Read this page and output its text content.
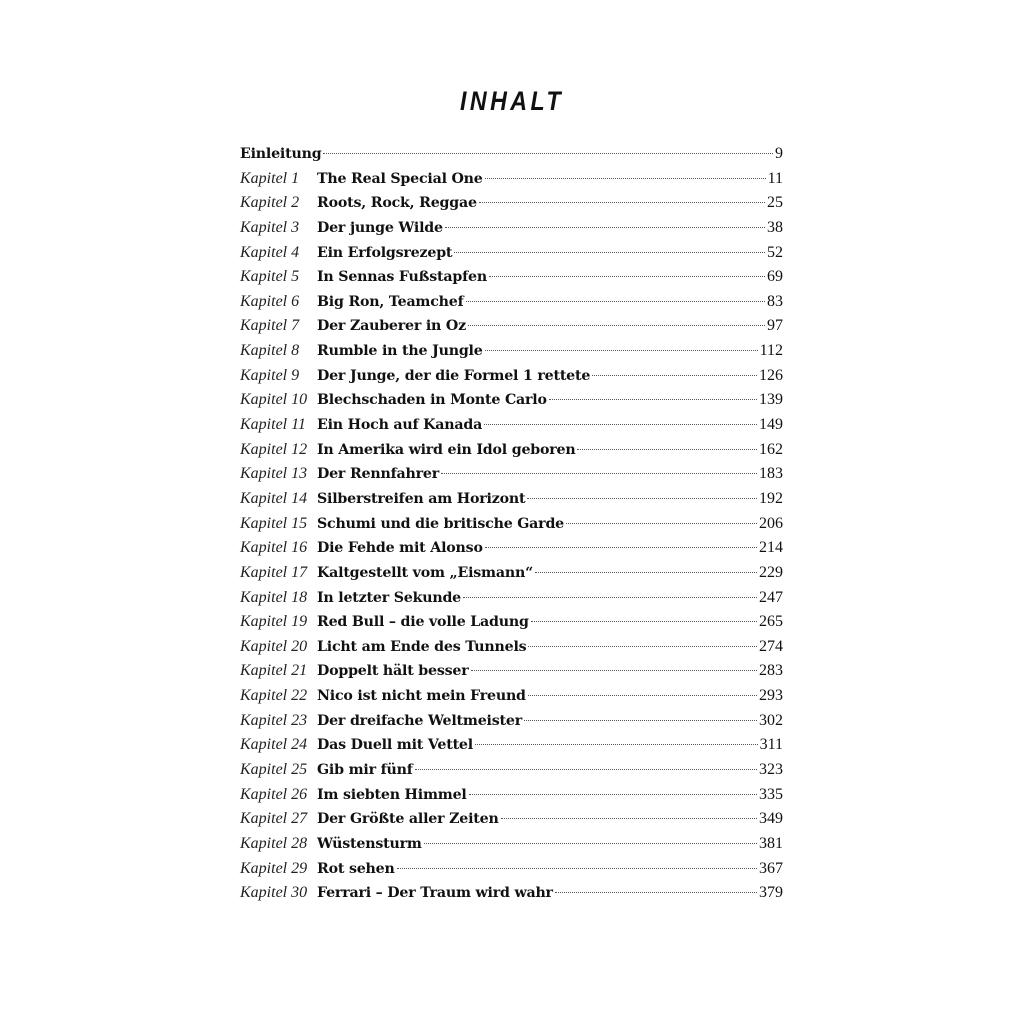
INHALT
Einleitung	9
Kapitel 1	The Real Special One	11
Kapitel 2	Roots, Rock, Reggae	25
Kapitel 3	Der junge Wilde	38
Kapitel 4	Ein Erfolgsrezept	52
Kapitel 5	In Sennas Fußstapfen	69
Kapitel 6	Big Ron, Teamchef	83
Kapitel 7	Der Zauberer in Oz	97
Kapitel 8	Rumble in the Jungle	112
Kapitel 9	Der Junge, der die Formel 1 rettete	126
Kapitel 10 Blechschaden in Monte Carlo	139
Kapitel 11 Ein Hoch auf Kanada	149
Kapitel 12 In Amerika wird ein Idol geboren	162
Kapitel 13 Der Rennfahrer	183
Kapitel 14 Silberstreifen am Horizont	192
Kapitel 15 Schumi und die britische Garde	206
Kapitel 16 Die Fehde mit Alonso	214
Kapitel 17 Kaltgestellt vom „Eismann“	229
Kapitel 18 In letzter Sekunde	247
Kapitel 19 Red Bull – die volle Ladung	265
Kapitel 20 Licht am Ende des Tunnels	274
Kapitel 21 Doppelt hält besser	283
Kapitel 22 Nico ist nicht mein Freund	293
Kapitel 23 Der dreifache Weltmeister	302
Kapitel 24 Das Duell mit Vettel	311
Kapitel 25 Gib mir fünf	323
Kapitel 26 Im siebten Himmel	335
Kapitel 27 Der Größte aller Zeiten	349
Kapitel 28 Wüstensturm	381
Kapitel 29 Rot sehen	367
Kapitel 30 Ferrari – Der Traum wird wahr	379
